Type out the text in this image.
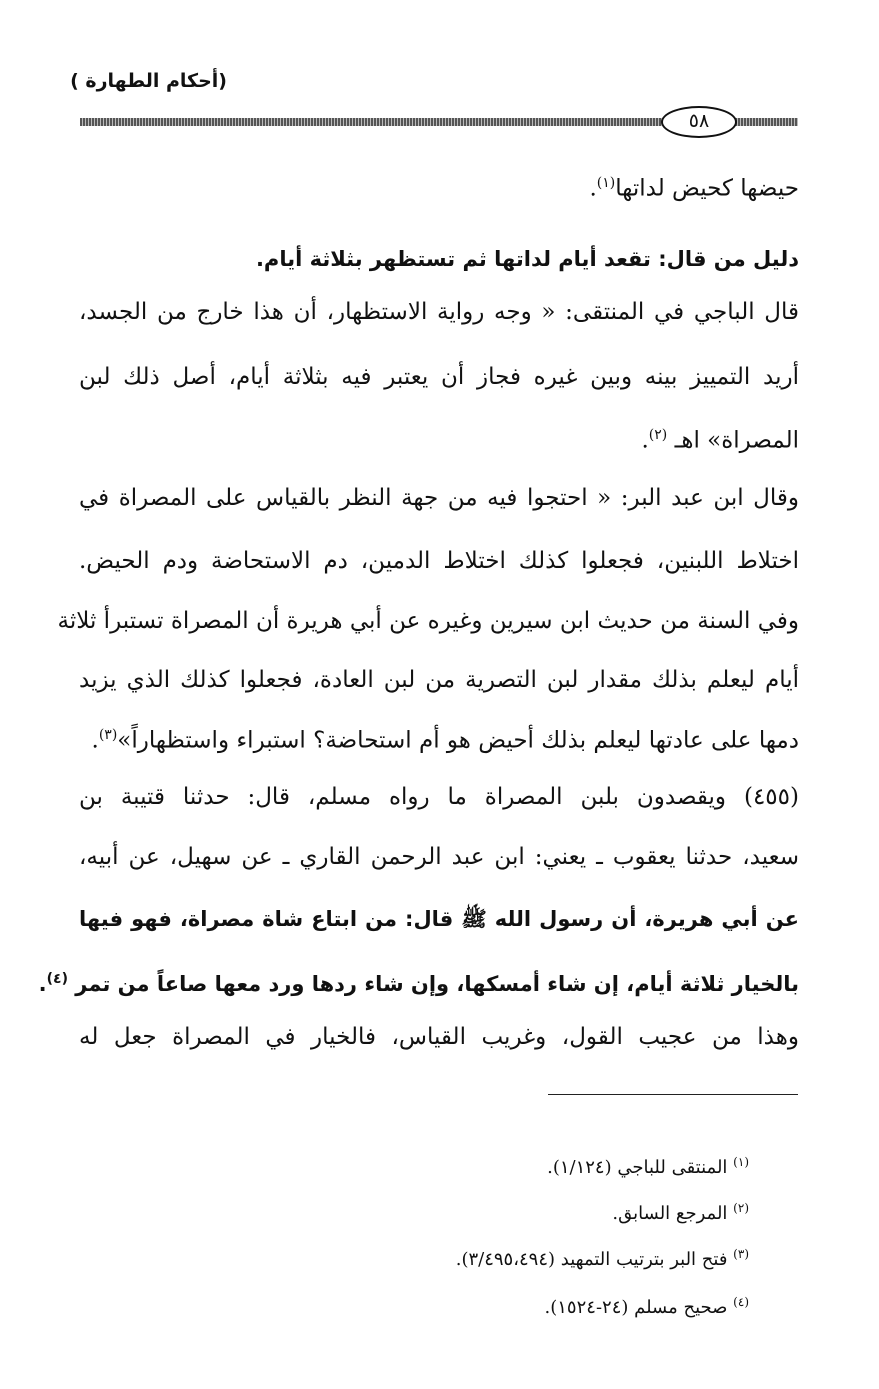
(أحكام الطهارة )
٥٨
حيضها كحيض لداتها$^{(١)}$.
دليل من قال: تقعد أيام لداتها ثم تستظهر بثلاثة أيام.
قال الباجي في المنتقى: « وجه رواية الاستظهار، أن هذا خارج من الجسد،
أريد التمييز بينه وبين غيره فجاز أن يعتبر فيه بثلاثة أيام، أصل ذلك لبن
المصراة» اهـ $^{(٢)}$.
وقال ابن عبد البر: « احتجوا فيه من جهة النظر بالقياس على المصراة في
اختلاط اللبنين، فجعلوا كذلك اختلاط الدمين، دم الاستحاضة ودم الحيض.
وفي السنة من حديث ابن سيرين وغيره عن أبي هريرة أن المصراة تستبرأ ثلاثة
أيام ليعلم بذلك مقدار لبن التصرية من لبن العادة، فجعلوا كذلك الذي يزيد
دمها على عادتها ليعلم بذلك أحيض هو أم استحاضة؟ استبراء واستظهاراً»$^{(٣)}$.
(٤٥٥) ويقصدون بلبن المصراة ما رواه مسلم، قال: حدثنا قتيبة بن
سعيد، حدثنا يعقوب ـ يعني: ابن عبد الرحمن القاري ـ عن سهيل، عن أبيه،
عن أبي هريرة، أن رسول الله ﷺ قال: من ابتاع شاة مصراة، فهو فيها
بالخيار ثلاثة أيام، إن شاء أمسكها، وإن شاء ردها ورد معها صاعاً من تمر $^{(٤)}$.
وهذا من عجيب القول، وغريب القياس، فالخيار في المصراة جعل له
$^{(١)}$ المنتقى للباجي (١/١٢٤).
$^{(٢)}$ المرجع السابق.
$^{(٣)}$ فتح البر بترتيب التمهيد (٣/٤٩٥،٤٩٤).
$^{(٤)}$ صحيح مسلم (٢٤-١٥٢٤).
